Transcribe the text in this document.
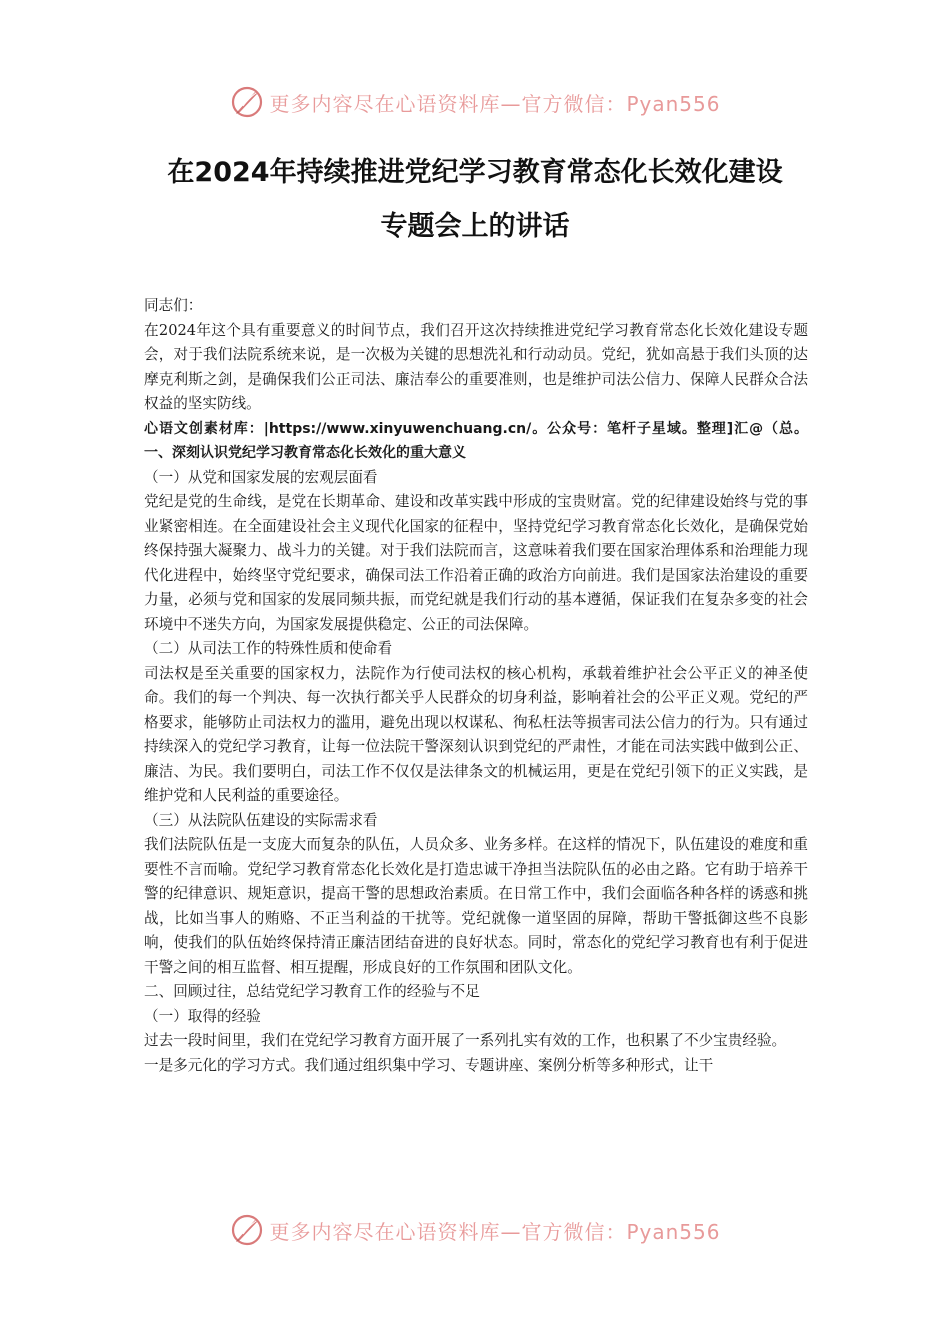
更多内容尽在心语资料库—官方微信：Pyan556
在2024年持续推进党纪学习教育常态化长效化建设
专题会上的讲话

同志们：

在2024年这个具有重要意义的时间节点，我们召开这次持续推进党纪学习教育常态化长效化建设专题会，对于我们法院系统来说，是一次极为关键的思想洗礼和行动动员。党纪，犹如高悬于我们头顶的达摩克利斯之剑，是确保我们公正司法、廉洁奉公的重要准则，也是维护司法公信力、保障人民群众合法权益的坚实防线。

心语文创素材库：|https://www.xinyuwenchuang.cn/。公众号：笔杆子星域。整理]汇@（总。一、深刻认识党纪学习教育常态化长效化的重大意义

（一）从党和国家发展的宏观层面看

党纪是党的生命线，是党在长期革命、建设和改革实践中形成的宝贵财富。党的纪律建设始终与党的事业紧密相连。在全面建设社会主义现代化国家的征程中，坚持党纪学习教育常态化长效化，是确保党始终保持强大凝聚力、战斗力的关键。对于我们法院而言，这意味着我们要在国家治理体系和治理能力现代化进程中，始终坚守党纪要求，确保司法工作沿着正确的政治方向前进。我们是国家法治建设的重要力量，必须与党和国家的发展同频共振，而党纪就是我们行动的基本遵循，保证我们在复杂多变的社会环境中不迷失方向，为国家发展提供稳定、公正的司法保障。

（二）从司法工作的特殊性质和使命看

司法权是至关重要的国家权力，法院作为行使司法权的核心机构，承载着维护社会公平正义的神圣使命。我们的每一个判决、每一次执行都关乎人民群众的切身利益，影响着社会的公平正义观。党纪的严格要求，能够防止司法权力的滥用，避免出现以权谋私、徇私枉法等损害司法公信力的行为。只有通过持续深入的党纪学习教育，让每一位法院干警深刻认识到党纪的严肃性，才能在司法实践中做到公正、廉洁、为民。我们要明白，司法工作不仅仅是法律条文的机械运用，更是在党纪引领下的正义实践，是维护党和人民利益的重要途径。

（三）从法院队伍建设的实际需求看

我们法院队伍是一支庞大而复杂的队伍，人员众多、业务多样。在这样的情况下，队伍建设的难度和重要性不言而喻。党纪学习教育常态化长效化是打造忠诚干净担当法院队伍的必由之路。它有助于培养干警的纪律意识、规矩意识，提高干警的思想政治素质。在日常工作中，我们会面临各种各样的诱惑和挑战，比如当事人的贿赂、不正当利益的干扰等。党纪就像一道坚固的屏障，帮助干警抵御这些不良影响，使我们的队伍始终保持清正廉洁团结奋进的良好状态。同时，常态化的党纪学习教育也有利于促进干警之间的相互监督、相互提醒，形成良好的工作氛围和团队文化。

二、回顾过往，总结党纪学习教育工作的经验与不足

（一）取得的经验

过去一段时间里，我们在党纪学习教育方面开展了一系列扎实有效的工作，也积累了不少宝贵经验。

一是多元化的学习方式。我们通过组织集中学习、专题讲座、案例分析等多种形式，让干

更多内容尽在心语资料库—官方微信：Pyan556
